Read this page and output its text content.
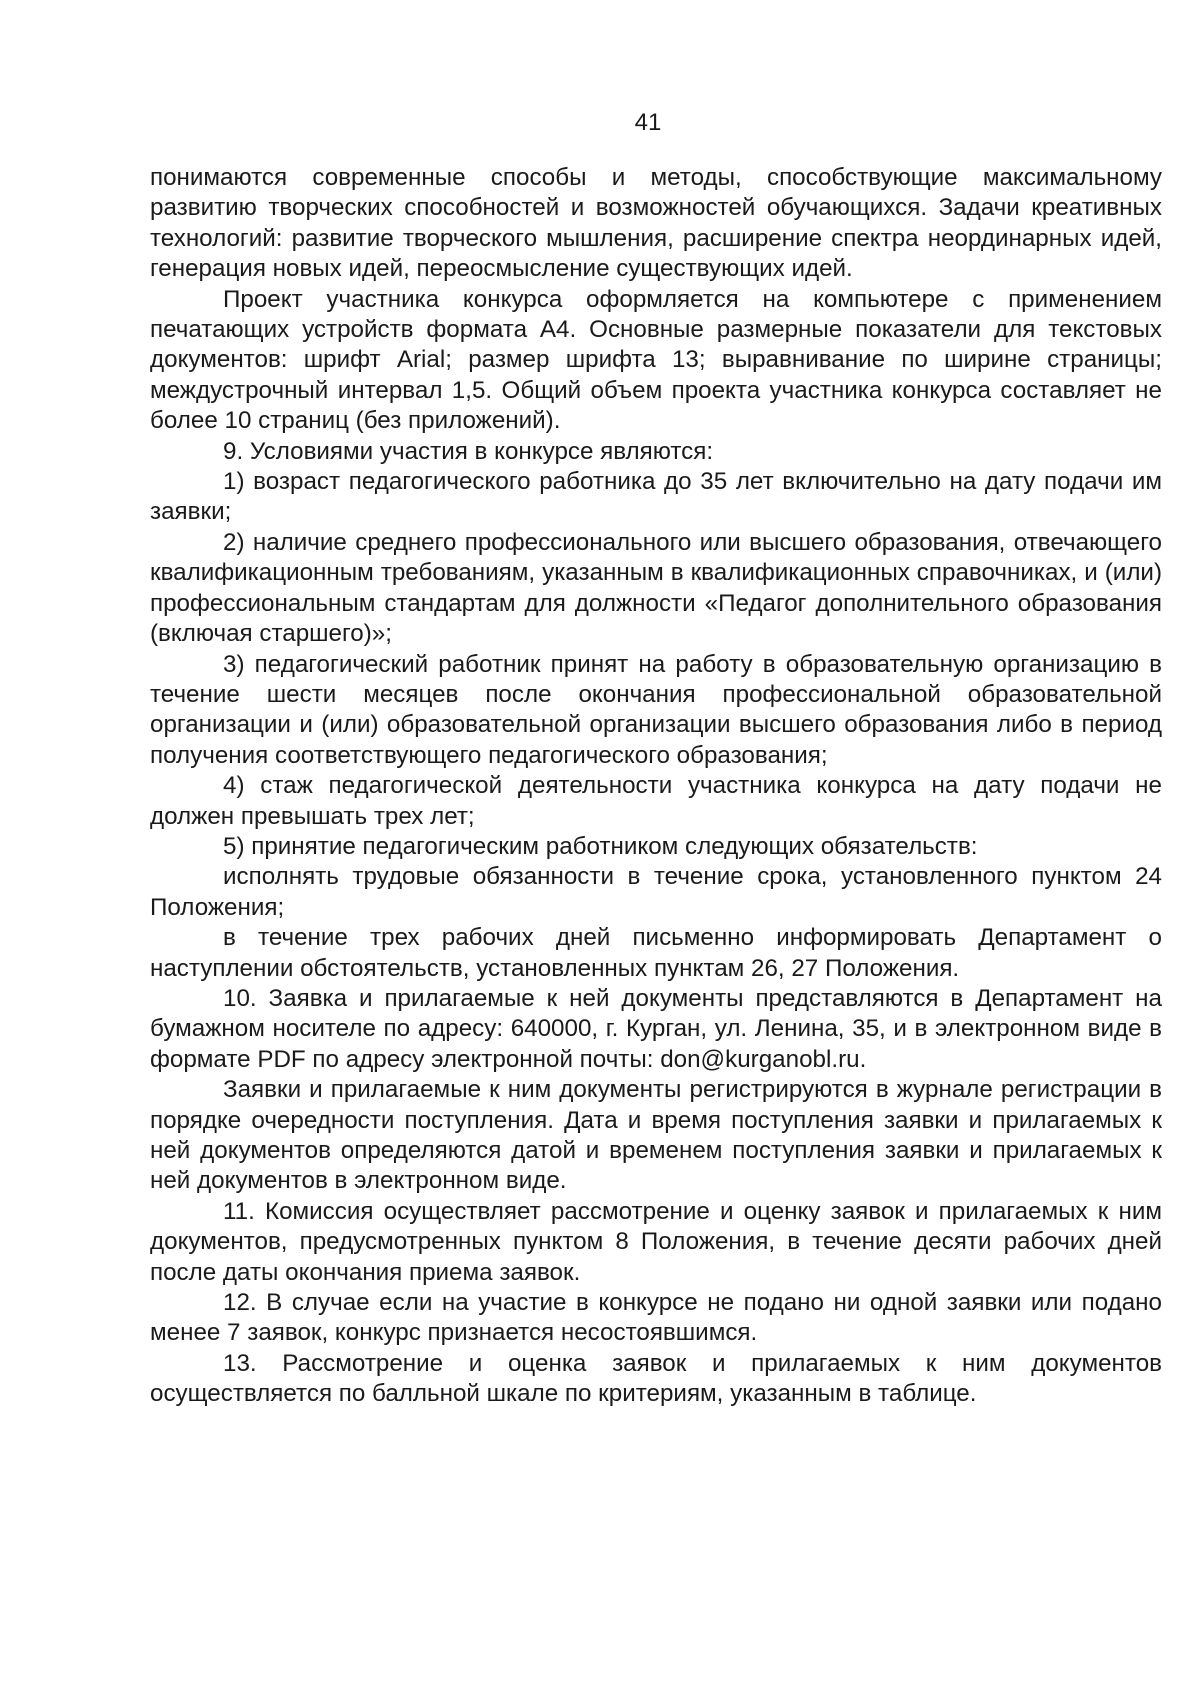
41

понимаются современные способы и методы, способствующие максимальному развитию творческих способностей и возможностей обучающихся. Задачи креативных технологий: развитие творческого мышления, расширение спектра неординарных идей, генерация новых идей, переосмысление существующих идей.

Проект участника конкурса оформляется на компьютере с применением печатающих устройств формата А4. Основные размерные показатели для текстовых документов: шрифт Arial; размер шрифта 13; выравнивание по ширине страницы; междустрочный интервал 1,5. Общий объем проекта участника конкурса составляет не более 10 страниц (без приложений).

9. Условиями участия в конкурсе являются:

1) возраст педагогического работника до 35 лет включительно на дату подачи им заявки;

2) наличие среднего профессионального или высшего образования, отвечающего квалификационным требованиям, указанным в квалификационных справочниках, и (или) профессиональным стандартам для должности «Педагог дополнительного образования (включая старшего)»;

3) педагогический работник принят на работу в образовательную организацию в течение шести месяцев после окончания профессиональной образовательной организации и (или) образовательной организации высшего образования либо в период получения соответствующего педагогического образования;

4) стаж педагогической деятельности участника конкурса на дату подачи не должен превышать трех лет;

5) принятие педагогическим работником следующих обязательств:

исполнять трудовые обязанности в течение срока, установленного пунктом 24 Положения;

в течение трех рабочих дней письменно информировать Департамент о наступлении обстоятельств, установленных пунктам 26, 27 Положения.

10. Заявка и прилагаемые к ней документы представляются в Департамент на бумажном носителе по адресу: 640000, г. Курган, ул. Ленина, 35, и в электронном виде в формате PDF по адресу электронной почты: don@kurganobl.ru.

Заявки и прилагаемые к ним документы регистрируются в журнале регистрации в порядке очередности поступления. Дата и время поступления заявки и прилагаемых к ней документов определяются датой и временем поступления заявки и прилагаемых к ней документов в электронном виде.

11. Комиссия осуществляет рассмотрение и оценку заявок и прилагаемых к ним документов, предусмотренных пунктом 8 Положения, в течение десяти рабочих дней после даты окончания приема заявок.

12. В случае если на участие в конкурсе не подано ни одной заявки или подано менее 7 заявок, конкурс признается несостоявшимся.

13. Рассмотрение и оценка заявок и прилагаемых к ним документов осуществляется по балльной шкале по критериям, указанным в таблице.
